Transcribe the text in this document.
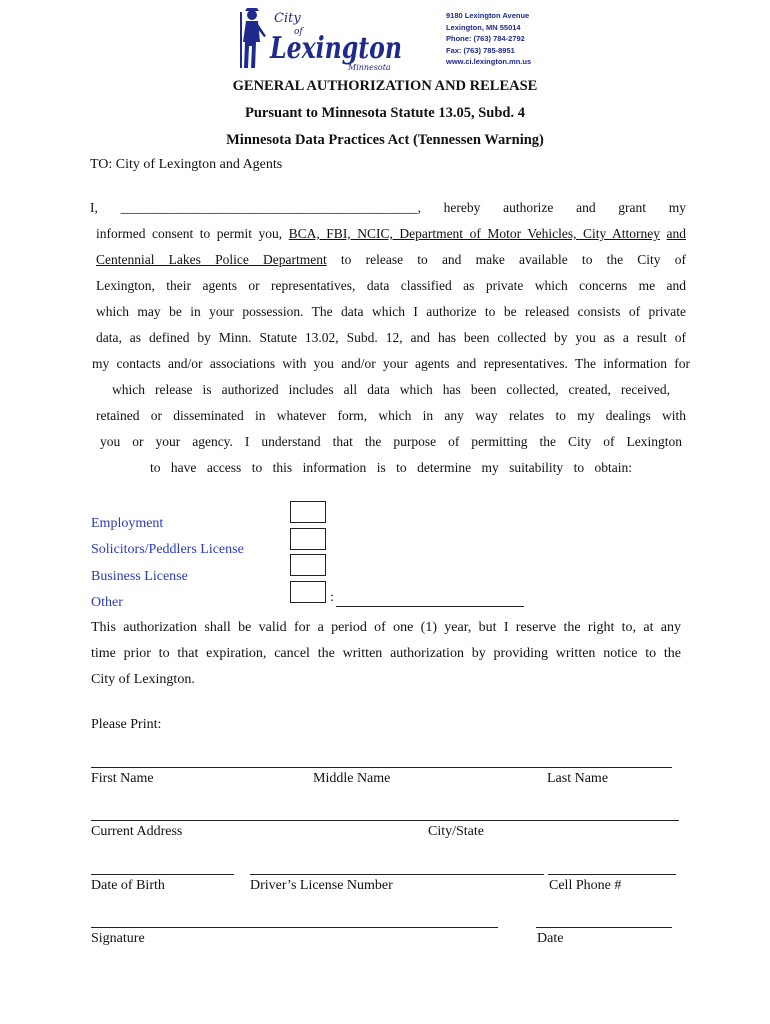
City
of
Lexington
Minnesota
9180 Lexington Avenue
Lexington, MN 55014
Phone: (763) 784-2792
Fax: (763) 785-8951
www.ci.lexington.mn.us
GENERAL AUTHORIZATION AND RELEASE
Pursuant to Minnesota Statute 13.05, Subd. 4
Minnesota Data Practices Act (Tennessen Warning)
TO: City of Lexington and Agents
I, ____________________________________________, hereby authorize and grant my
informed consent to permit you, BCA, FBI, NCIC, Department of Motor Vehicles, City Attorney and
Centennial Lakes Police Department to release to and make available to the City of
Lexington, their agents or representatives, data classified as private which concerns me and
which may be in your possession. The data which I authorize to be released consists of private
data, as defined by Minn. Statute 13.02, Subd. 12, and has been collected by you as a result of
my contacts and/or associations with you and/or your agents and representatives. The information for
which release is authorized includes all data which has been collected, created, received,
retained or disseminated in whatever form, which in any way relates to my dealings with
you or your agency. I understand that the purpose of permitting the City of Lexington
to have access to this information is to determine my suitability to obtain:
Employment
Solicitors/Peddlers License
Business License
Other	:
This authorization shall be valid for a period of one (1) year, but I reserve the right to, at any
time prior to that expiration, cancel the written authorization by providing written notice to the
City of Lexington.
Please Print:
First Name	Middle Name	Last Name
Current Address	City/State
Date of Birth	Driver’s License Number	Cell Phone #
Signature	Date
